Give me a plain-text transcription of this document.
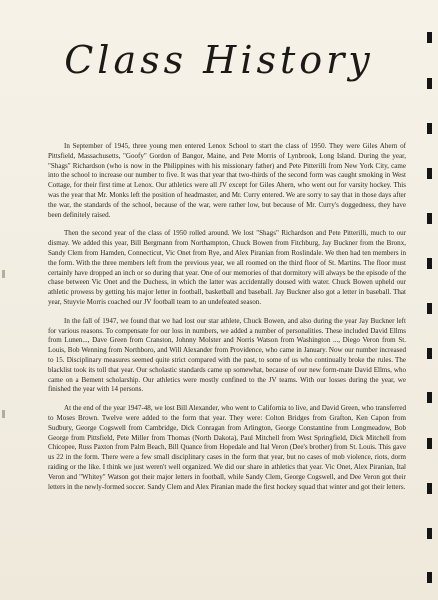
Class History

In September of 1945, three young men entered Lenox School to start the class of 1950. They were Giles Ahern of Pittsfield, Massachusetts, "Goofy" Gordon of Bangor, Maine, and Pete Morris of Lynbrook, Long Island. During the year, "Shags" Richardson (who is now in the Philippines with his missionary father) and Pete Pitterilli from New York City, came into the school to increase our number to five. It was that year that two-thirds of the second form was caught smoking in West Cottage, for their first time at Lenox. Our athletics were all JV except for Giles Ahern, who went out for varsity hockey. This was the year that Mr. Monks left the position of headmaster, and Mr. Curry entered. We are sorry to say that in those days after the war, the standards of the school, because of the war, were rather low, but because of Mr. Curry's doggedness, they have been definitely raised.

Then the second year of the class of 1950 rolled around. We lost "Shags" Richardson and Pete Pitterilli, much to our dismay. We added this year, Bill Bergmann from Northampton, Chuck Bowen from Fitchburg, Jay Buckner from the Bronx, Sandy Clem from Hamden, Connecticut, Vic Onet from Rye, and Alex Piranian from Roslindale. We then had ten members in the form. With the three members left from the previous year, we all roomed on the third floor of St. Martins. The floor must certainly have dropped an inch or so during that year. One of our memories of that dormitory will always be the episode of the chase between Vic Onet and the Duchess, in which the latter was accidentally doused with water. Chuck Bowen upheld our athletic prowess by getting his major letter in football, basketball and baseball. Jay Buckner also got a letter in baseball. That year, Stuyvie Morris coached our JV football team to an undefeated season.

In the fall of 1947, we found that we had lost our star athlete, Chuck Bowen, and also during the year Jay Buckner left for various reasons. To compensate for our loss in numbers, we added a number of personalities. These included David Ellms from Lunen..., Dave Green from Cranston, Johnny Molster and Norris Watson from Washington ..., Diego Veron from St. Louis, Bob Wenning from Northboro, and Will Alexander from Providence, who came in January. Now our number increased to 15. Disciplinary measures seemed quite strict compared with the past, to some of us who continually broke the rules. The blacklist took its toll that year. Our scholastic standards came up somewhat, because of our new form-mate David Ellms, who came on a Bement scholarship. Our athletics were mostly confined to the JV teams. With our losses during the year, we finished the year with 14 persons.

At the end of the year 1947-48, we lost Bill Alexander, who went to California to live, and David Green, who transferred to Moses Brown. Twelve were added to the form that year. They were: Colton Bridges from Grafton, Ken Capon from Sudbury, George Cogswell from Cambridge, Dick Conragan from Arlington, George Constantine from Longmeadow, Bob George from Pittsfield, Pete Miller from Thomas (North Dakota), Paul Mitchell from West Springfield, Dick Mitchell from Chicopee, Russ Paxton from Palm Beach, Bill Quance from Hopedale and Ital Veron (Dee's brother) from St. Louis. This gave us 22 in the form. There were a few small disciplinary cases in the form that year, but no cases of mob violence, riots, dorm raiding or the like. I think we just weren't well organized. We did our share in athletics that year. Vic Onet, Alex Piranian, Ital Veron and "Whitey" Watson got their major letters in football, while Sandy Clem, George Cogswell, and Dee Veron got their letters in the newly-formed soccer. Sandy Clem and Alex Piranian made the first hockey squad that winter and got their letters.
